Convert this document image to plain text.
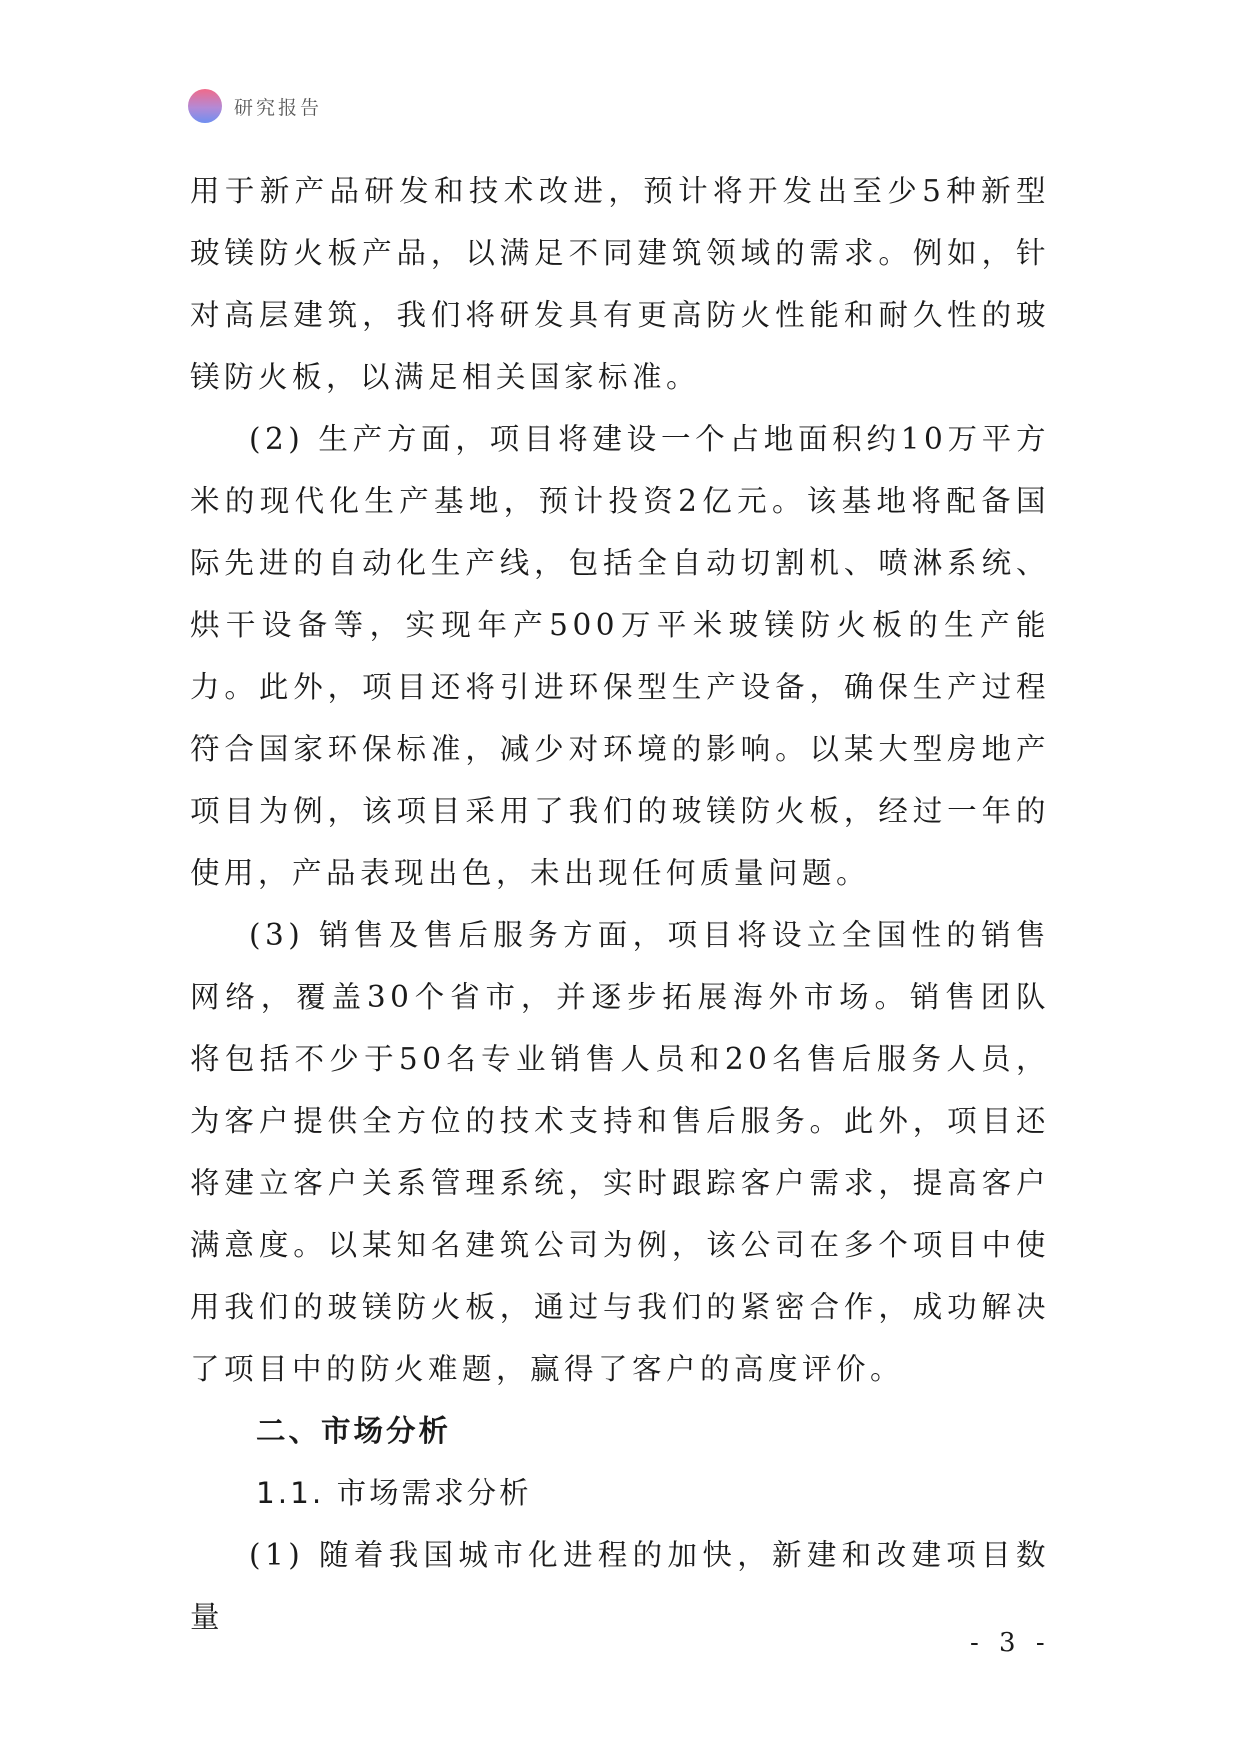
研究报告

用于新产品研发和技术改进，预计将开发出至少5种新型玻镁防火板产品，以满足不同建筑领域的需求。例如，针对高层建筑，我们将研发具有更高防火性能和耐久性的玻镁防火板，以满足相关国家标准。

(2) 生产方面，项目将建设一个占地面积约10万平方米的现代化生产基地，预计投资2亿元。该基地将配备国际先进的自动化生产线，包括全自动切割机、喷淋系统、烘干设备等，实现年产500万平米玻镁防火板的生产能力。此外，项目还将引进环保型生产设备，确保生产过程符合国家环保标准，减少对环境的影响。以某大型房地产项目为例，该项目采用了我们的玻镁防火板，经过一年的使用，产品表现出色，未出现任何质量问题。

(3) 销售及售后服务方面，项目将设立全国性的销售网络，覆盖30个省市，并逐步拓展海外市场。销售团队将包括不少于50名专业销售人员和20名售后服务人员，为客户提供全方位的技术支持和售后服务。此外，项目还将建立客户关系管理系统，实时跟踪客户需求，提高客户满意度。以某知名建筑公司为例，该公司在多个项目中使用我们的玻镁防火板，通过与我们的紧密合作，成功解决了项目中的防火难题，赢得了客户的高度评价。

二、市场分析

1.1. 市场需求分析

(1) 随着我国城市化进程的加快，新建和改建项目数量

- 3 -
